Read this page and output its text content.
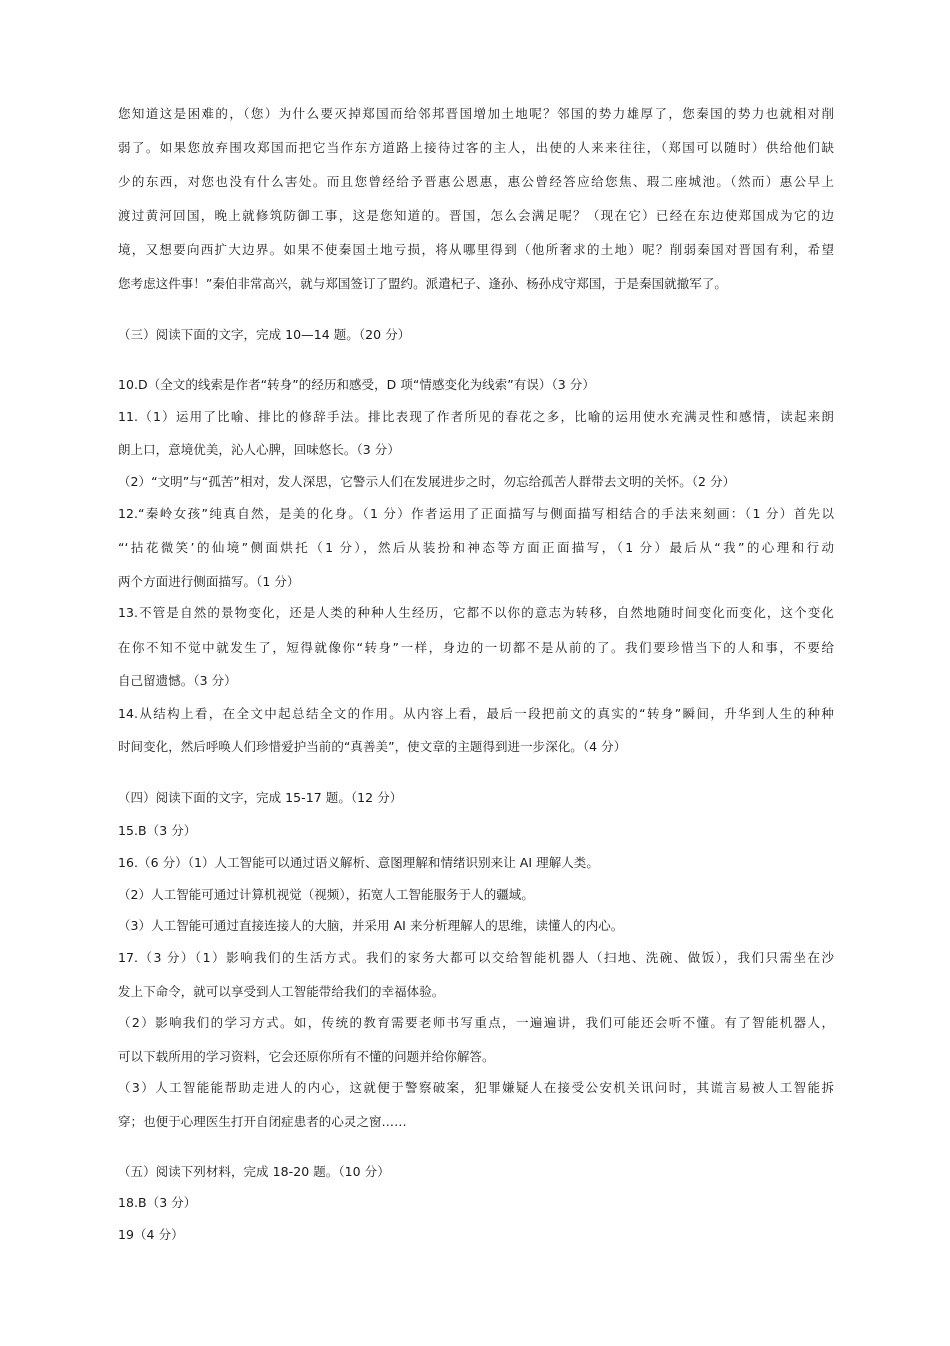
您知道这是困难的，（您）为什么要灭掉郑国而给邻邦晋国增加土地呢？邻国的势力雄厚了，您秦国的势力也就相对削
弱了。如果您放弃围攻郑国而把它当作东方道路上接待过客的主人，出使的人来来往往，（郑国可以随时）供给他们缺
少的东西，对您也没有什么害处。而且您曾经给予晋惠公恩惠，惠公曾经答应给您焦、瑕二座城池。（然而）惠公早上
渡过黄河回国，晚上就修筑防御工事，这是您知道的。晋国，怎么会满足呢？（现在它）已经在东边使郑国成为它的边
境，又想要向西扩大边界。如果不使秦国土地亏损，将从哪里得到（他所奢求的土地）呢？削弱秦国对晋国有利，希望
您考虑这件事！”秦伯非常高兴，就与郑国签订了盟约。派遣杞子、逢孙、杨孙戍守郑国，于是秦国就撤军了。
（三）阅读下面的文字，完成 10—14 题。（20 分）
10.D（全文的线索是作者“转身”的经历和感受，D 项“情感变化为线索”有误）（3 分）
11.（1）运用了比喻、排比的修辞手法。排比表现了作者所见的春花之多，比喻的运用使水充满灵性和感情，读起来朗
朗上口，意境优美，沁人心脾，回味悠长。（3 分）
（2）“文明”与“孤苦”相对，发人深思，它警示人们在发展进步之时，勿忘给孤苦人群带去文明的关怀。（2 分）
12.“秦岭女孩”纯真自然，是美的化身。（1 分）作者运用了正面描写与侧面描写相结合的手法来刻画：（1 分）首先以
“‘拈花微笑’的仙境”侧面烘托（1 分），然后从装扮和神态等方面正面描写，（1 分）最后从“我”的心理和行动
两个方面进行侧面描写。（1 分）
13.不管是自然的景物变化，还是人类的种种人生经历，它都不以你的意志为转移，自然地随时间变化而变化，这个变化
在你不知不觉中就发生了，短得就像你“转身”一样，身边的一切都不是从前的了。我们要珍惜当下的人和事，不要给
自己留遗憾。（3 分）
14.从结构上看，在全文中起总结全文的作用。从内容上看，最后一段把前文的真实的“转身”瞬间，升华到人生的种种
时间变化，然后呼唤人们珍惜爱护当前的“真善美”，使文章的主题得到进一步深化。（4 分）
（四）阅读下面的文字，完成 15-17 题。（12 分）
15.B（3 分）
16.（6 分）（1）人工智能可以通过语义解析、意图理解和情绪识别来让 AI 理解人类。
（2）人工智能可通过计算机视觉（视频），拓宽人工智能服务于人的疆域。
（3）人工智能可通过直接连接人的大脑，并采用 AI 来分析理解人的思维，读懂人的内心。
17.（3 分）（1）影响我们的生活方式。我们的家务大都可以交给智能机器人（扫地、洗碗、做饭），我们只需坐在沙
发上下命令，就可以享受到人工智能带给我们的幸福体验。
（2）影响我们的学习方式。如，传统的教育需要老师书写重点，一遍遍讲，我们可能还会听不懂。有了智能机器人，
可以下载所用的学习资料，它会还原你所有不懂的问题并给你解答。
（3）人工智能能帮助走进人的内心，这就便于警察破案，犯罪嫌疑人在接受公安机关讯问时，其谎言易被人工智能拆
穿；也便于心理医生打开自闭症患者的心灵之窗……
（五）阅读下列材料，完成 18-20 题。（10 分）
18.B（3 分）
19（4 分）
